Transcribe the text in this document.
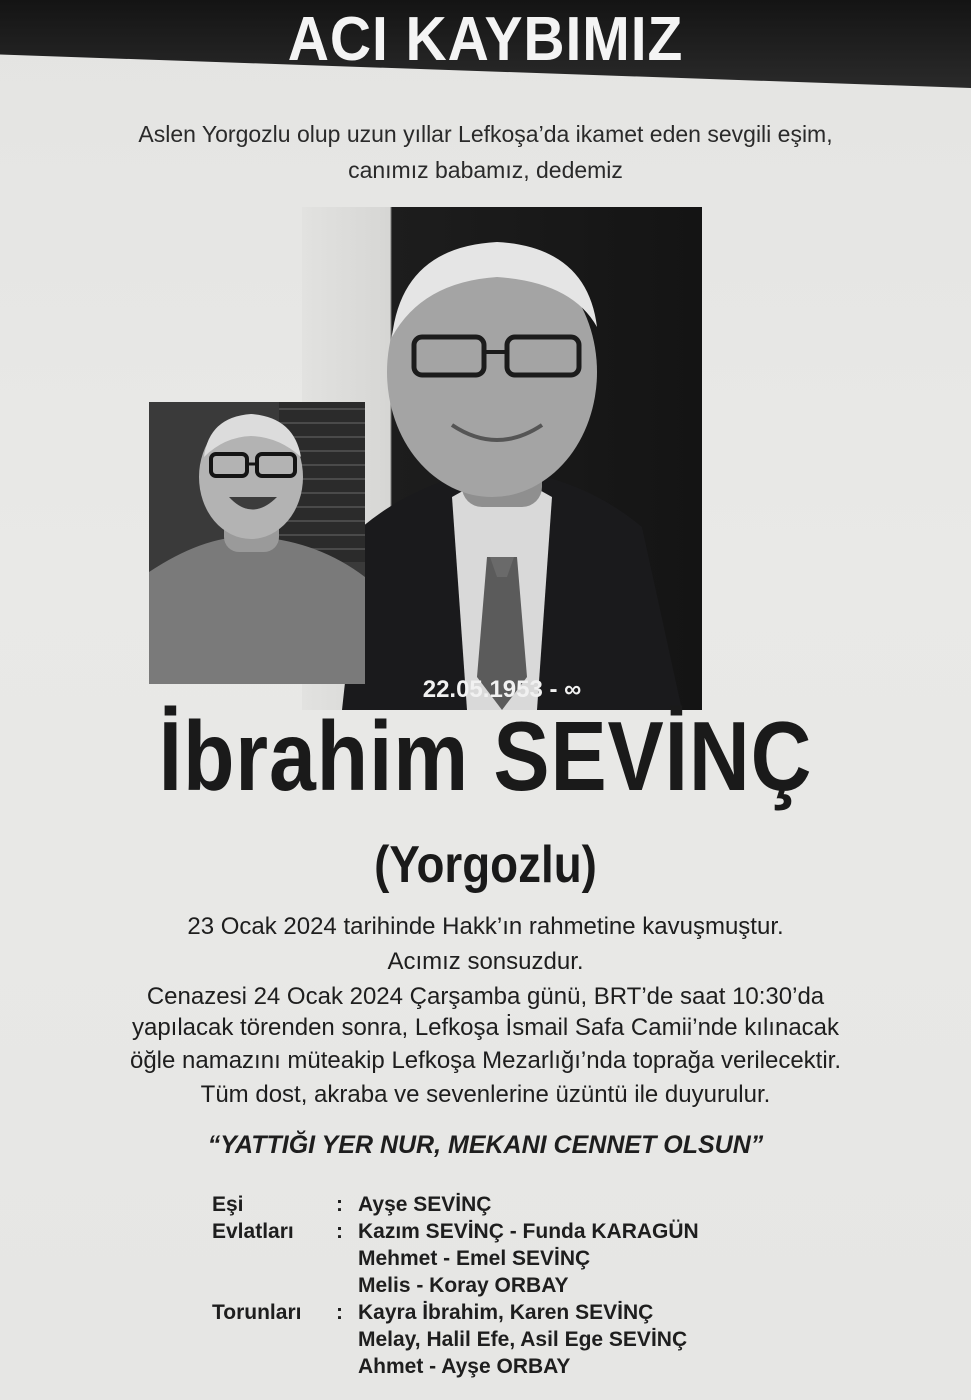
ACI KAYBIMIZ
Aslen Yorgozlu olup uzun yıllar Lefkoşa’da ikamet eden sevgili eşim,
canımız babamız, dedemiz
22.05.1953 - ∞
İbrahim SEVİNÇ
(Yorgozlu)
23 Ocak 2024 tarihinde Hakk’ın rahmetine kavuşmuştur.
Acımız sonsuzdur.
Cenazesi 24 Ocak 2024 Çarşamba günü, BRT’de saat 10:30’da
yapılacak törenden sonra, Lefkoşa İsmail Safa Camii’nde kılınacak
öğle namazını müteakip Lefkoşa Mezarlığı’nda toprağa verilecektir.
Tüm dost, akraba ve sevenlerine üzüntü ile duyurulur.
“YATTIĞI YER NUR, MEKANI CENNET OLSUN”
Eşi	: Ayşe SEVİNÇ
Evlatları : Kazım SEVİNÇ - Funda KARAGÜN
Mehmet - Emel SEVİNÇ
Melis - Koray ORBAY
Torunları : Kayra İbrahim, Karen SEVİNÇ
Melay, Halil Efe, Asil Ege SEVİNÇ
Ahmet - Ayşe ORBAY
